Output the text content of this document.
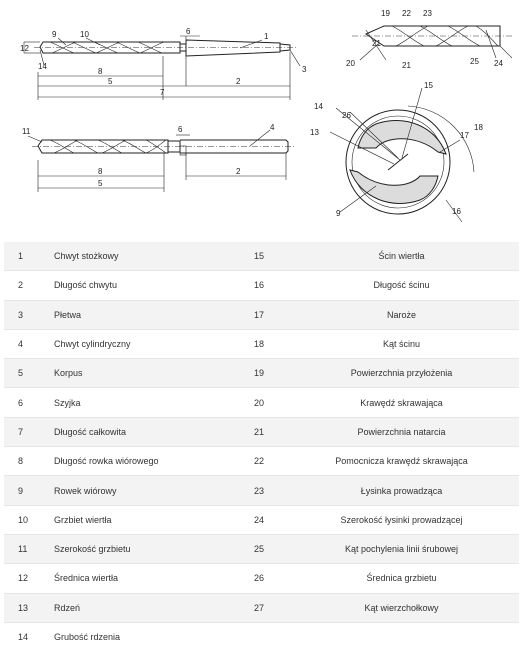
12
9	10	6
1
3
14
8
5	2
7
11	6	4
8
5
2
19 22 23
21
20	21	25 24
14
26
13
15
18
17
9	16
1	Chwyt stożkowy	15	Ścin wiertła
2	Długość chwytu	16	Długość ścinu
3	Płetwa	17	Naroże
4	Chwyt cylindryczny	18	Kąt ścinu
5	Korpus	19	Powierzchnia przyłożenia
6	Szyjka	20	Krawędź skrawająca
7	Długość całkowita	21	Powierzchnia natarcia
8	Długość rowka wiórowego	22	Pomocnicza krawędź skrawająca
9	Rowek wiórowy	23	Łysinka prowadząca
10	Grzbiet wiertła	24	Szerokość łysinki prowadzącej
11	Szerokość grzbietu	25	Kąt pochylenia linii śrubowej
12	Średnica wiertła	26	Średnica grzbietu
13	Rdzeń	27	Kąt wierzchołkowy
14	Grubość rdzenia		
